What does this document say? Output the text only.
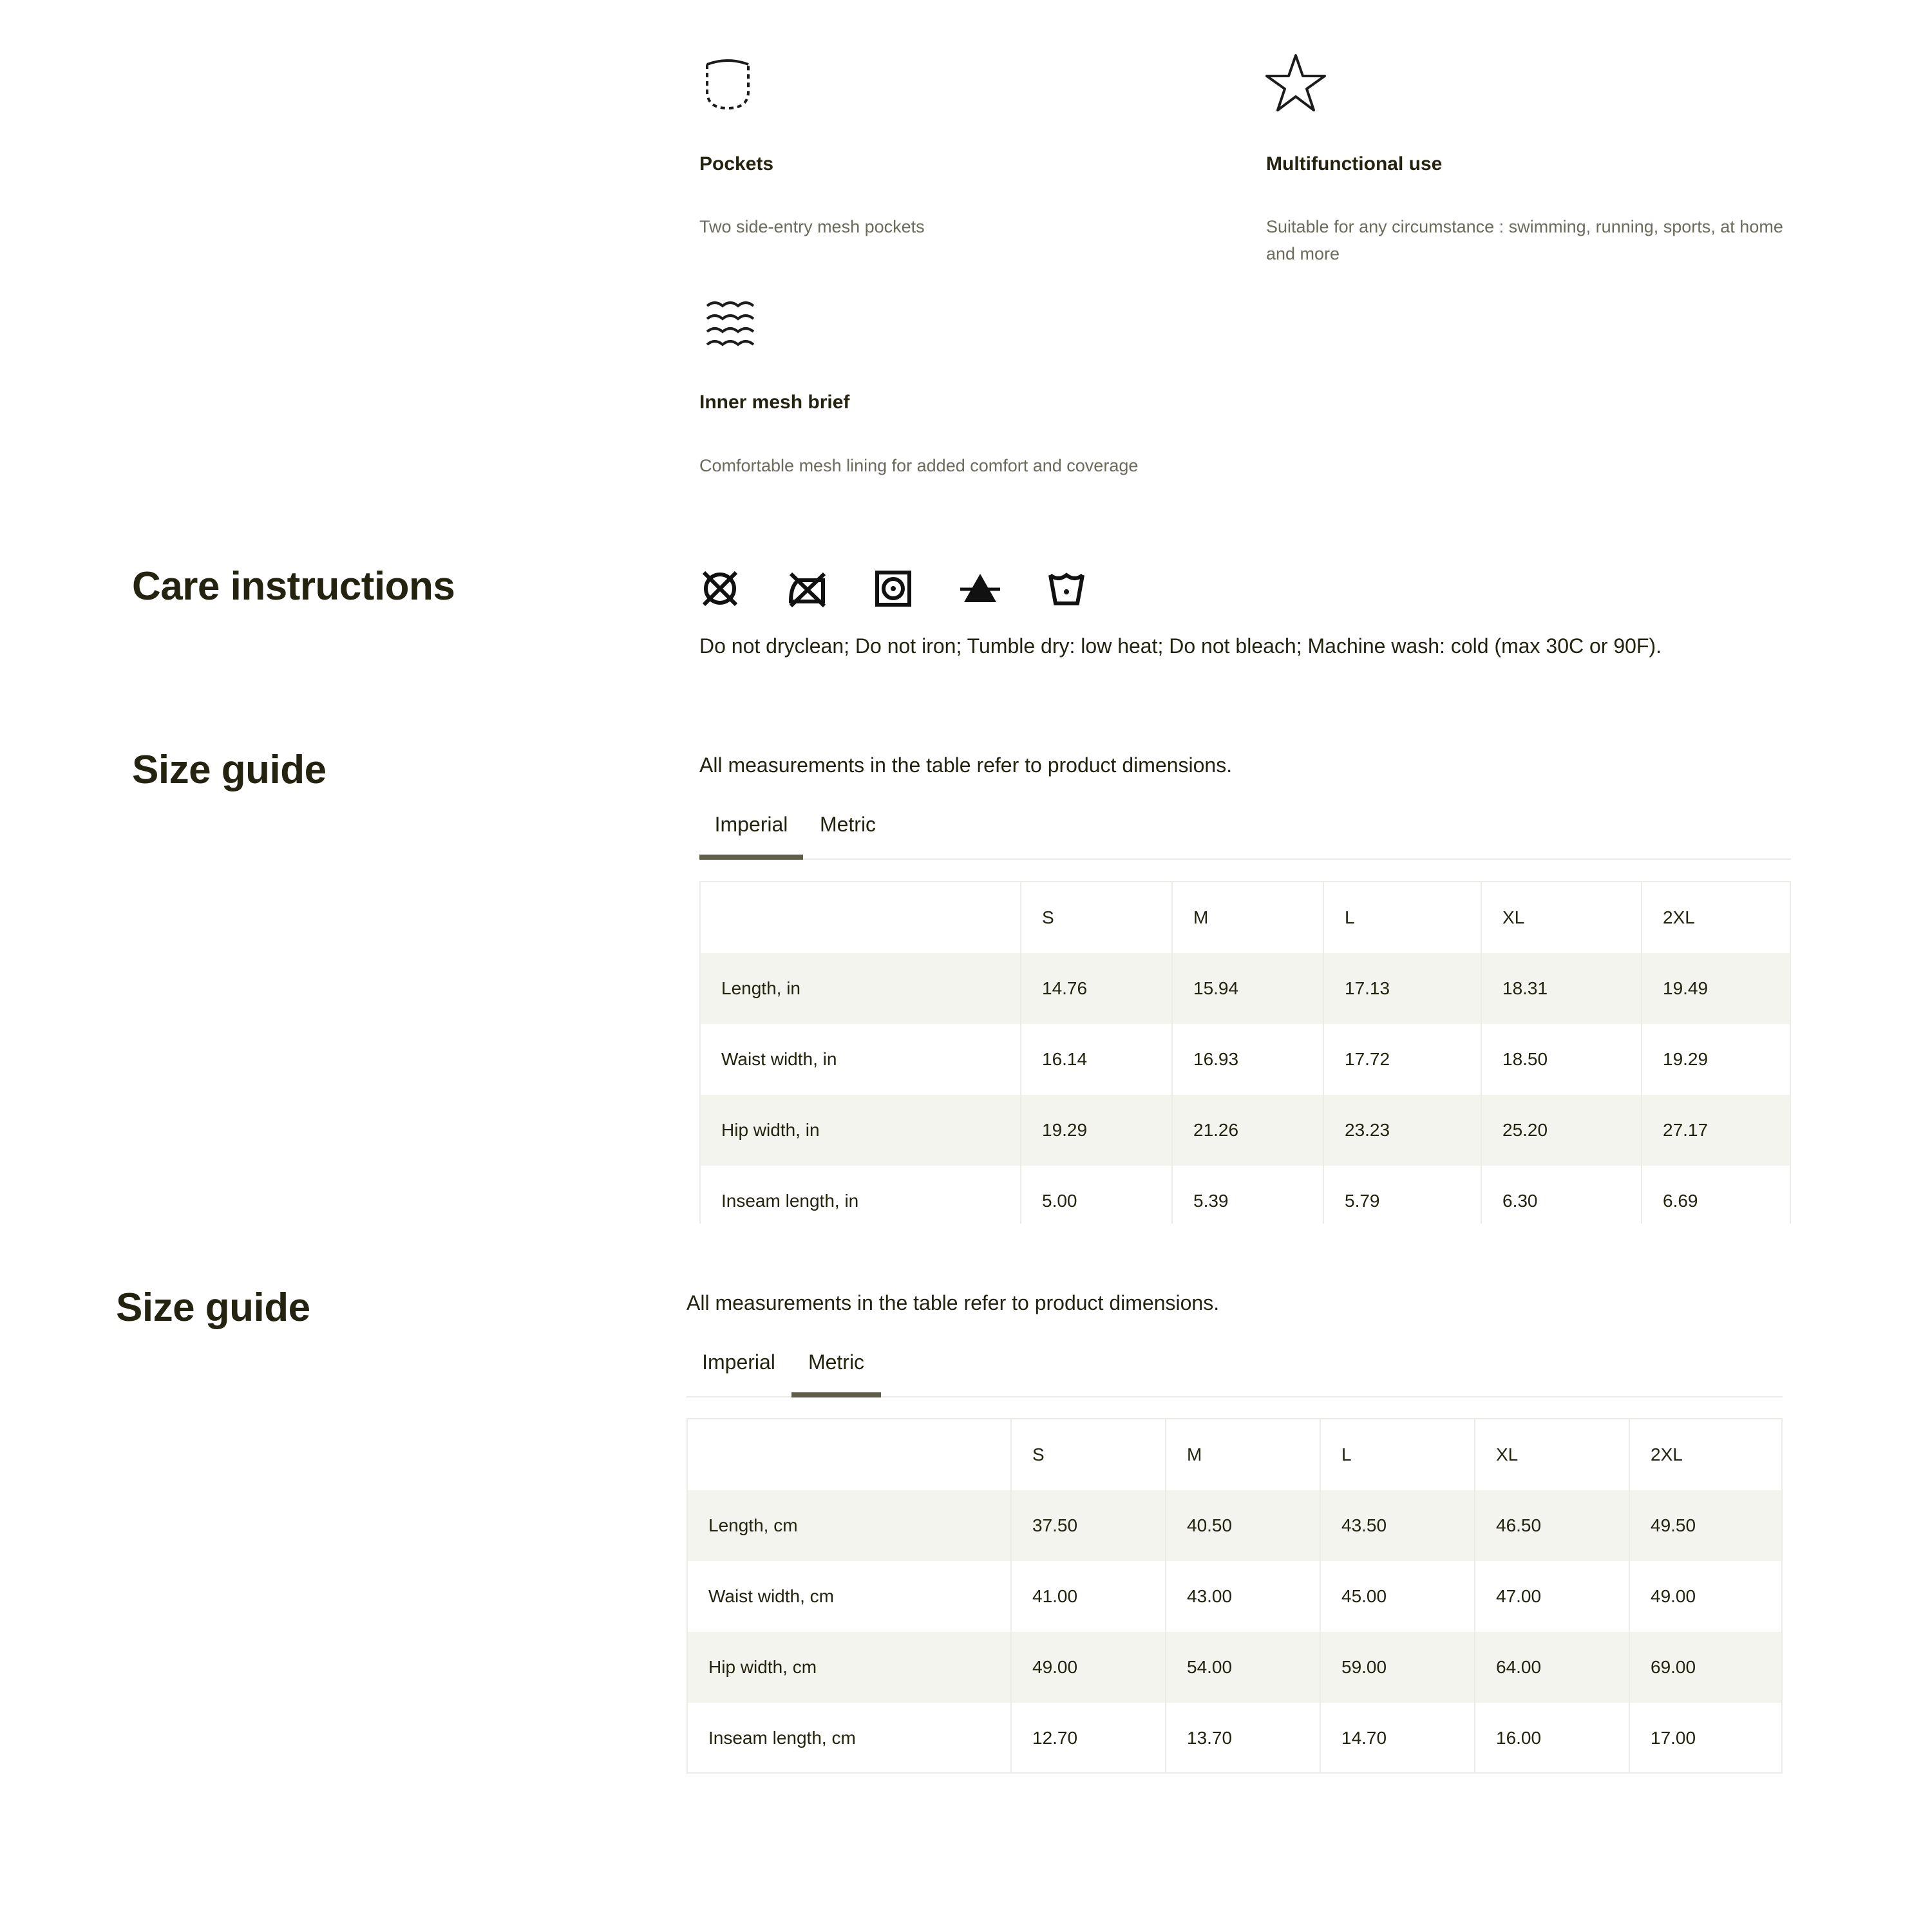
Pockets
Two side-entry mesh pockets
Multifunctional use
Suitable for any circumstance : swimming, running, sports, at home and more
Inner mesh brief
Comfortable mesh lining for added comfort and coverage
Care instructions
Do not dryclean; Do not iron; Tumble dry: low heat; Do not bleach; Machine wash: cold (max 30C or 90F).
Size guide	All measurements in the table refer to product dimensions.
Imperial	Metric
	S	M	L	XL	2XL
Length, in	14.76	15.94	17.13	18.31	19.49
Waist width, in	16.14	16.93	17.72	18.50	19.29
Hip width, in	19.29	21.26	23.23	25.20	27.17
Inseam length, in	5.00	5.39	5.79	6.30	6.69
Size guide	All measurements in the table refer to product dimensions.
Imperial	Metric
	S	M	L	XL	2XL
Length, cm	37.50	40.50	43.50	46.50	49.50
Waist width, cm	41.00	43.00	45.00	47.00	49.00
Hip width, cm	49.00	54.00	59.00	64.00	69.00
Inseam length, cm	12.70	13.70	14.70	16.00	17.00
